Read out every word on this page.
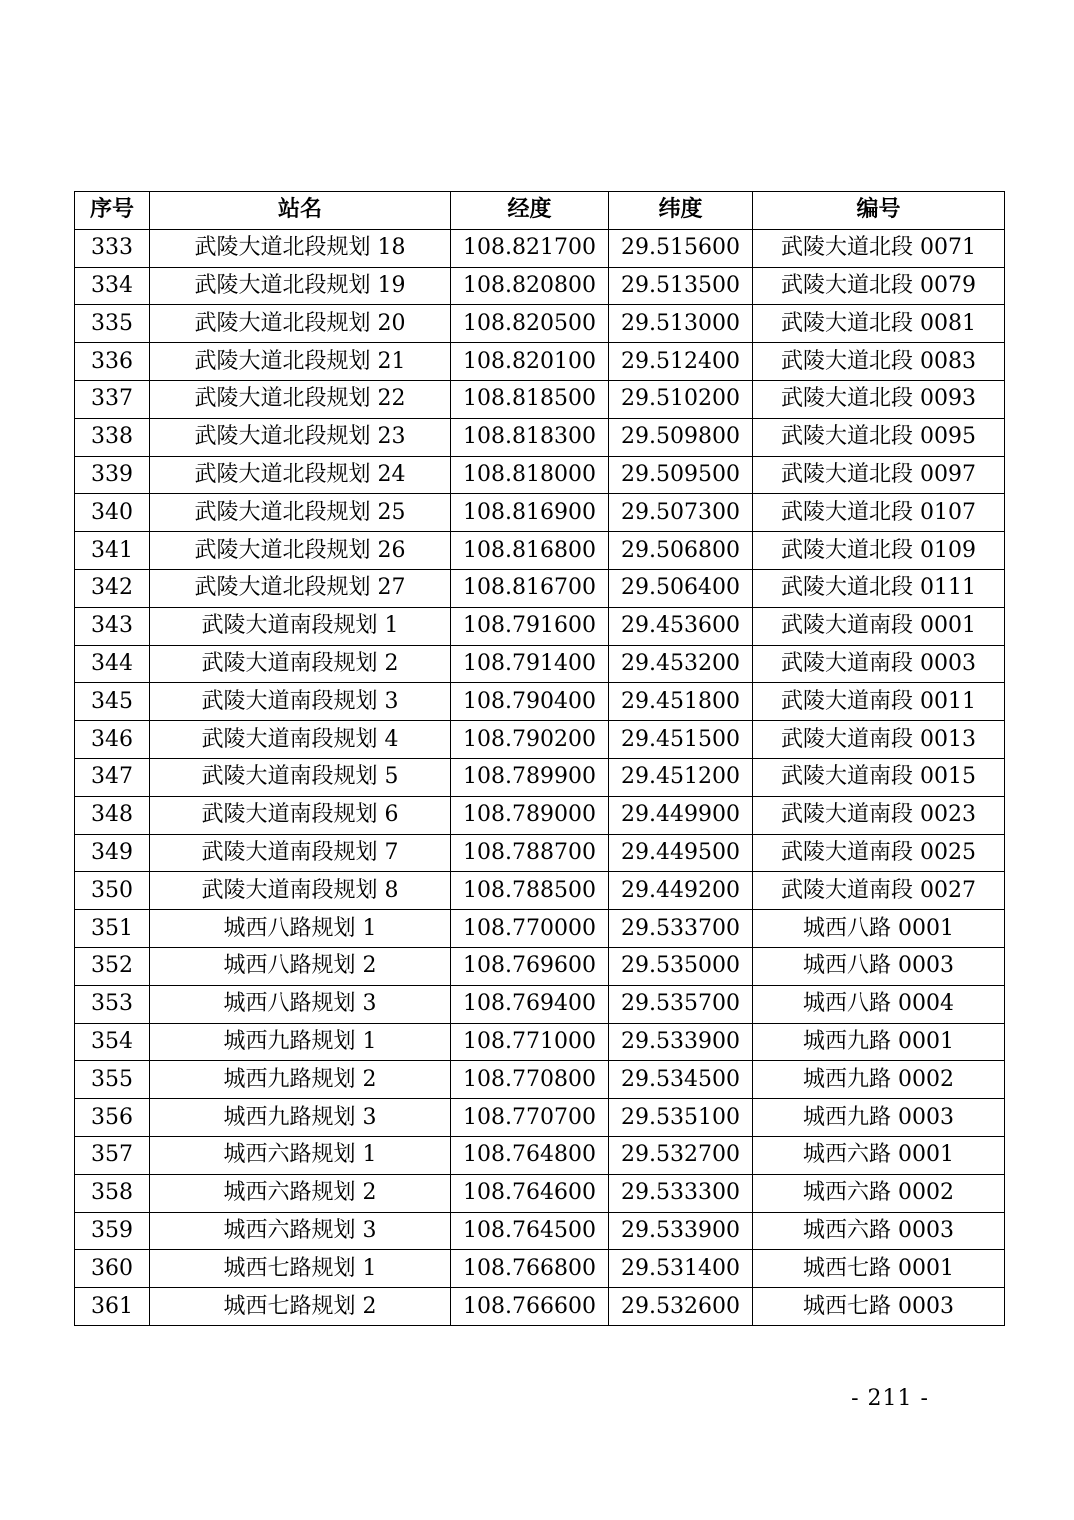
序号	站名	经度	纬度	编号
333	武陵大道北段规划 18	108.821700	29.515600	武陵大道北段 0071
334	武陵大道北段规划 19	108.820800	29.513500	武陵大道北段 0079
335	武陵大道北段规划 20	108.820500	29.513000	武陵大道北段 0081
336	武陵大道北段规划 21	108.820100	29.512400	武陵大道北段 0083
337	武陵大道北段规划 22	108.818500	29.510200	武陵大道北段 0093
338	武陵大道北段规划 23	108.818300	29.509800	武陵大道北段 0095
339	武陵大道北段规划 24	108.818000	29.509500	武陵大道北段 0097
340	武陵大道北段规划 25	108.816900	29.507300	武陵大道北段 0107
341	武陵大道北段规划 26	108.816800	29.506800	武陵大道北段 0109
342	武陵大道北段规划 27	108.816700	29.506400	武陵大道北段 0111
343	武陵大道南段规划 1	108.791600	29.453600	武陵大道南段 0001
344	武陵大道南段规划 2	108.791400	29.453200	武陵大道南段 0003
345	武陵大道南段规划 3	108.790400	29.451800	武陵大道南段 0011
346	武陵大道南段规划 4	108.790200	29.451500	武陵大道南段 0013
347	武陵大道南段规划 5	108.789900	29.451200	武陵大道南段 0015
348	武陵大道南段规划 6	108.789000	29.449900	武陵大道南段 0023
349	武陵大道南段规划 7	108.788700	29.449500	武陵大道南段 0025
350	武陵大道南段规划 8	108.788500	29.449200	武陵大道南段 0027
351	城西八路规划 1	108.770000	29.533700	城西八路 0001
352	城西八路规划 2	108.769600	29.535000	城西八路 0003
353	城西八路规划 3	108.769400	29.535700	城西八路 0004
354	城西九路规划 1	108.771000	29.533900	城西九路 0001
355	城西九路规划 2	108.770800	29.534500	城西九路 0002
356	城西九路规划 3	108.770700	29.535100	城西九路 0003
357	城西六路规划 1	108.764800	29.532700	城西六路 0001
358	城西六路规划 2	108.764600	29.533300	城西六路 0002
359	城西六路规划 3	108.764500	29.533900	城西六路 0003
360	城西七路规划 1	108.766800	29.531400	城西七路 0001
361	城西七路规划 2	108.766600	29.532600	城西七路 0003
- 211 -
